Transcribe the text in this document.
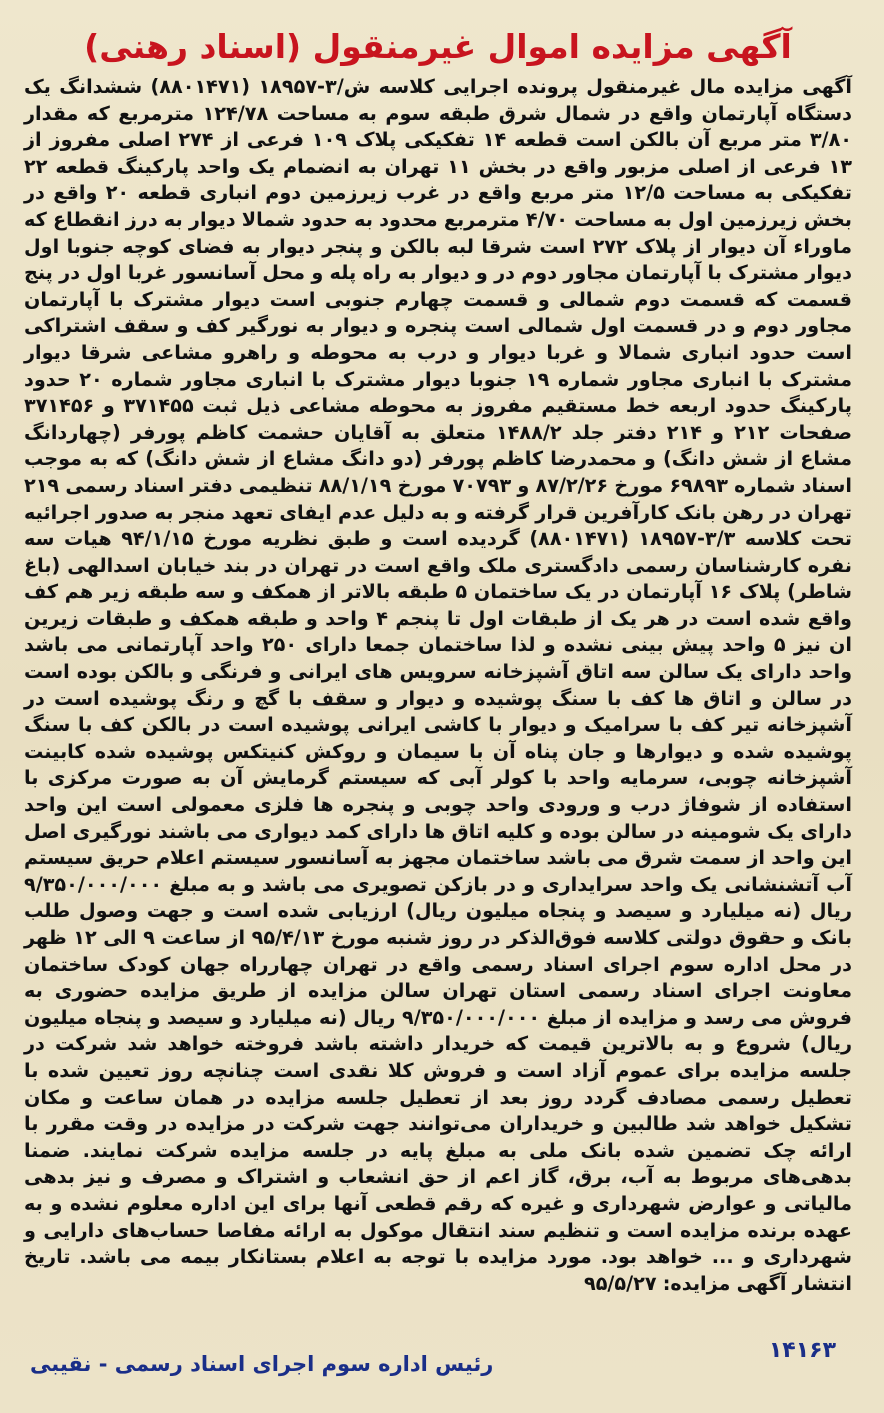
آگهی مزایده اموال غیرمنقول (اسناد رهنی)

آگهی مزایده مال غیرمنقول پرونده اجرایی کلاسه ش/۳-۱۸۹۵۷ (۸۸۰۱۴۷۱) ششدانگ یک دستگاه آپارتمان واقع در شمال شرق طبقه سوم به مساحت ۱۲۴/۷۸ مترمربع که مقدار ۳/۸۰ متر مربع آن بالکن است قطعه ۱۴ تفکیکی پلاک ۱۰۹ فرعی از ۲۷۴ اصلی مفروز از ۱۳ فرعی از اصلی مزبور واقع در بخش ۱۱ تهران به انضمام یک واحد پارکینگ قطعه ۲۲ تفکیکی به مساحت ۱۲/۵ متر مربع واقع در غرب زیرزمین دوم انباری قطعه ۲۰ واقع در بخش زیرزمین اول به مساحت ۴/۷۰ مترمربع محدود به حدود شمالا دیوار به درز انقطاع که ماوراء آن دیوار از پلاک ۲۷۲ است شرقا لبه بالکن و پنجر دیوار به فضای کوچه جنوبا اول دیوار مشترک با آپارتمان مجاور دوم در و دیوار به راه پله و محل آسانسور غربا اول در پنج قسمت که قسمت دوم شمالی و قسمت چهارم جنوبی است دیوار مشترک با آپارتمان مجاور دوم و در قسمت اول شمالی است پنجره و دیوار به نورگیر کف و سقف اشتراکی است حدود انباری شمالا و غربا دیوار و درب به محوطه و راهرو مشاعی شرقا دیوار مشترک با انباری مجاور شماره ۱۹ جنوبا دیوار مشترک با انباری مجاور شماره ۲۰ حدود پارکینگ حدود اربعه خط مستقیم مفروز به محوطه مشاعی ذیل ثبت ۳۷۱۴۵۵ و ۳۷۱۴۵۶ صفحات ۲۱۲ و ۲۱۴ دفتر جلد ۱۴۸۸/۲ متعلق به آقایان حشمت کاظم پورفر (چهاردانگ مشاع از شش دانگ) و محمدرضا کاظم پورفر (دو دانگ مشاع از شش دانگ) که به موجب اسناد شماره ۶۹۸۹۳ مورخ ۸۷/۲/۲۶ و ۷۰۷۹۳ مورخ ۸۸/۱/۱۹ تنظیمی دفتر اسناد رسمی ۲۱۹ تهران در رهن بانک کارآفرین قرار گرفته و به دلیل عدم ایفای تعهد منجر به صدور اجرائیه تحت کلاسه ۳/۳-۱۸۹۵۷ (۸۸۰۱۴۷۱) گردیده است و طبق نظریه مورخ ۹۴/۱/۱۵ هیات سه نفره کارشناسان رسمی دادگستری ملک واقع است در تهران در بند خیابان اسدالهی (باغ شاطر) پلاک ۱۶ آپارتمان در یک ساختمان ۵ طبقه بالاتر از همکف و سه طبقه زیر هم کف واقع شده است در هر یک از طبقات اول تا پنجم ۴ واحد و طبقه همکف و طبقات زیرین ان نیز ۵ واحد پیش بینی نشده و لذا ساختمان جمعا دارای ۲۵۰ واحد آپارتمانی می باشد واحد دارای یک سالن سه اتاق آشپزخانه سرویس های ایرانی و فرنگی و بالکن بوده است در سالن و اتاق ها کف با سنگ پوشیده و دیوار و سقف با گچ و رنگ پوشیده است در آشپزخانه تیر کف با سرامیک و دیوار با کاشی ایرانی پوشیده است در بالکن کف با سنگ پوشیده شده و دیوارها و جان پناه آن با سیمان و روکش کنیتکس پوشیده شده کابینت آشپزخانه چوبی، سرمایه واحد با کولر آبی که سیستم گرمایش آن به صورت مرکزی با استفاده از شوفاژ درب و ورودی واحد چوبی و پنجره ها فلزی معمولی است این واحد دارای یک شومینه در سالن بوده و کلیه اتاق ها دارای کمد دیواری می باشند نورگیری اصل این واحد از سمت شرق می باشد ساختمان مجهز به آسانسور سیستم اعلام حریق سیستم آب آتشنشانی یک واحد سرایداری و در بازکن تصویری می باشد و به مبلغ ۹/۳۵۰/۰۰۰/۰۰۰ ریال (نه میلیارد و سیصد و پنجاه میلیون ریال) ارزیابی شده است و جهت وصول طلب بانک و حقوق دولتی کلاسه فوق‌الذکر در روز شنبه مورخ ۹۵/۴/۱۳ از ساعت ۹ الی ۱۲ ظهر در محل اداره سوم اجرای اسناد رسمی واقع در تهران چهارراه جهان کودک ساختمان معاونت اجرای اسناد رسمی استان تهران سالن مزایده از طریق مزایده حضوری به فروش می رسد و مزایده از مبلغ ۹/۳۵۰/۰۰۰/۰۰۰ ریال (نه میلیارد و سیصد و پنجاه میلیون ریال) شروع و به بالاترین قیمت که خریدار داشته باشد فروخته خواهد شد شرکت در جلسه مزایده برای عموم آزاد است و فروش کلا نقدی است چنانچه روز تعیین شده با تعطیل رسمی مصادف گردد روز بعد از تعطیل جلسه مزایده در همان ساعت و مکان تشکیل خواهد شد طالبین و خریداران می‌توانند جهت شرکت در مزایده در وقت مقرر با ارائه چک تضمین شده بانک ملی به مبلغ پایه در جلسه مزایده شرکت نمایند. ضمنا بدهی‌های مربوط به آب، برق، گاز اعم از حق انشعاب و اشتراک و مصرف و نیز بدهی مالیاتی و عوارض شهرداری و غیره که رقم قطعی آنها برای این اداره معلوم نشده و به عهده برنده مزایده است و تنظیم سند انتقال موکول به ارائه مفاصا حساب‌های دارایی و شهرداری و ... خواهد بود. مورد مزایده با توجه به اعلام بستانکار بیمه می باشد. تاریخ انتشار آگهی مزایده: ۹۵/۵/۲۷

۱۴۱۶۳
رئیس اداره سوم اجرای اسناد رسمی - نقیبی
